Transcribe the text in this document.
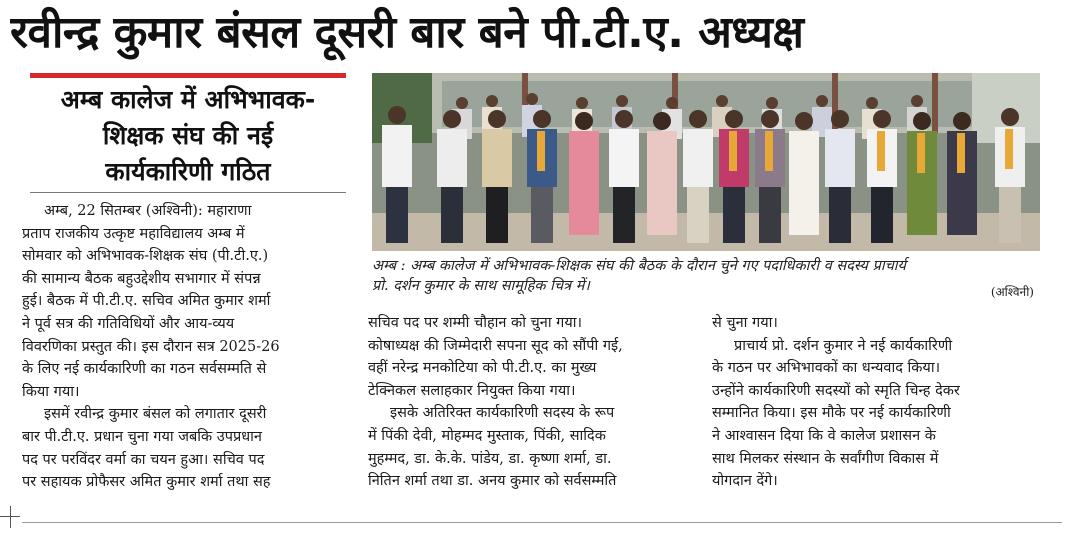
रवीन्द्र कुमार बंसल दूसरी बार बने पी.टी.ए. अध्यक्ष
अम्ब कालेज में अभिभावक-
शिक्षक संघ की नई
कार्यकारिणी गठित
अम्ब, 22 सितम्बर (अश्विनी): महाराणा
प्रताप राजकीय उत्कृष्ट महाविद्यालय अम्ब में
सोमवार को अभिभावक-शिक्षक संघ (पी.टी.ए.)
की सामान्य बैठक बहुउद्देशीय सभागार में संपन्न
हुई। बैठक में पी.टी.ए. सचिव अमित कुमार शर्मा
ने पूर्व सत्र की गतिविधियों और आय-व्यय
विवरणिका प्रस्तुत की। इस दौरान सत्र 2025-26
के लिए नई कार्यकारिणी का गठन सर्वसम्मति से
किया गया।
इसमें रवीन्द्र कुमार बंसल को लगातार दूसरी
बार पी.टी.ए. प्रधान चुना गया जबकि उपप्रधान
पद पर परविंदर वर्मा का चयन हुआ। सचिव पद
पर सहायक प्रोफैसर अमित कुमार शर्मा तथा सह
अम्ब : अम्ब कालेज में अभिभावक-शिक्षक संघ की बैठक के दौरान चुने गए पदाधिकारी व सदस्य प्राचार्य
प्रो. दर्शन कुमार के साथ सामूहिक चित्र में।	(अश्विनी)
सचिव पद पर शम्मी चौहान को चुना गया।
कोषाध्यक्ष की जिम्मेदारी सपना सूद को सौंपी गई,
वहीं नरेन्द्र मनकोटिया को पी.टी.ए. का मुख्य
टेक्निकल सलाहकार नियुक्त किया गया।
इसके अतिरिक्त कार्यकारिणी सदस्य के रूप
में पिंकी देवी, मोहम्मद मुस्ताक, पिंकी, सादिक
मुहम्मद, डा. के.के. पांडेय, डा. कृष्णा शर्मा, डा.
नितिन शर्मा तथा डा. अनय कुमार को सर्वसम्मति
से चुना गया।
प्राचार्य प्रो. दर्शन कुमार ने नई कार्यकारिणी
के गठन पर अभिभावकों का धन्यवाद किया।
उन्होंने कार्यकारिणी सदस्यों को स्मृति चिन्ह देकर
सम्मानित किया। इस मौके पर नई कार्यकारिणी
ने आश्वासन दिया कि वे कालेज प्रशासन के
साथ मिलकर संस्थान के सर्वांगीण विकास में
योगदान देंगे।
